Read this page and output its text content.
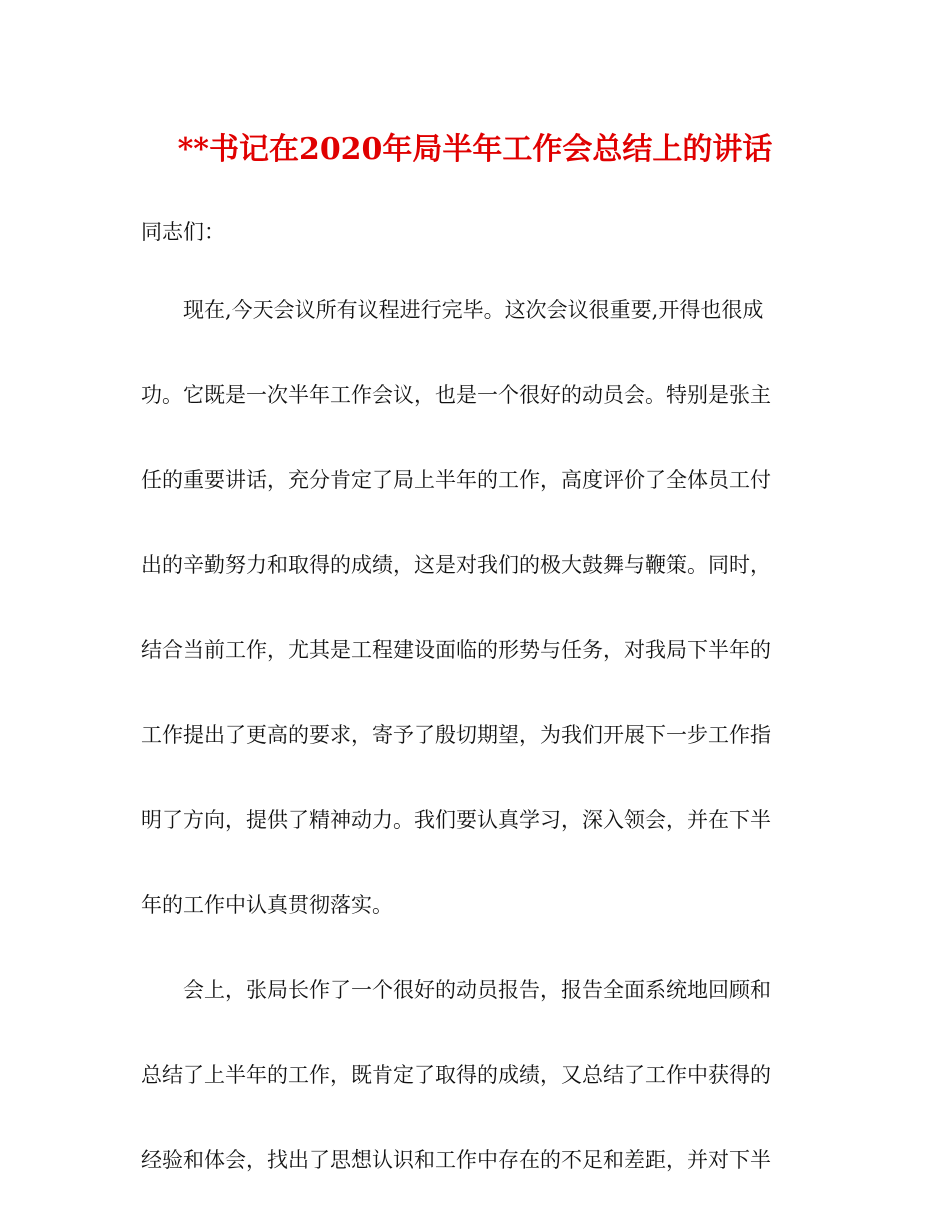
**书记在2020年局半年工作会总结上的讲话
同志们：
现在,今天会议所有议程进行完毕。这次会议很重要,开得也很成
功。它既是一次半年工作会议，也是一个很好的动员会。特别是张主
任的重要讲话，充分肯定了局上半年的工作，高度评价了全体员工付
出的辛勤努力和取得的成绩，这是对我们的极大鼓舞与鞭策。同时，
结合当前工作，尤其是工程建设面临的形势与任务，对我局下半年的
工作提出了更高的要求，寄予了殷切期望，为我们开展下一步工作指
明了方向，提供了精神动力。我们要认真学习，深入领会，并在下半
年的工作中认真贯彻落实。
会上，张局长作了一个很好的动员报告，报告全面系统地回顾和
总结了上半年的工作，既肯定了取得的成绩，又总结了工作中获得的
经验和体会，找出了思想认识和工作中存在的不足和差距，并对下半
